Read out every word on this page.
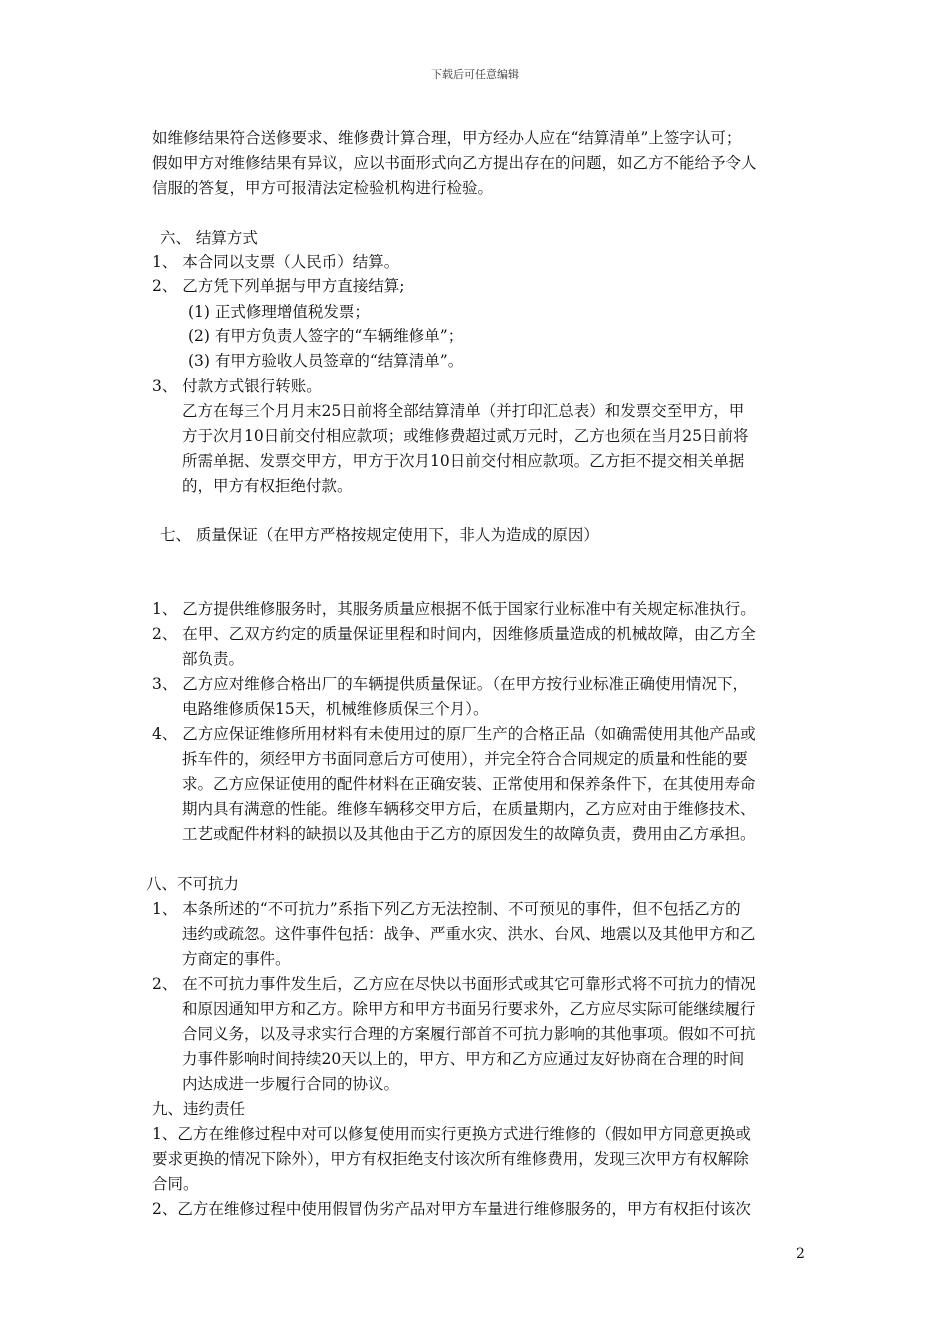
下载后可任意编辑
如维修结果符合送修要求、维修费计算合理，甲方经办人应在“结算清单”上签字认可；
假如甲方对维修结果有异议，应以书面形式向乙方提出存在的问题，如乙方不能给予令人
信服的答复，甲方可报清法定检验机构进行检验。
六、 结算方式
1、 本合同以支票（人民币）结算。
2、 乙方凭下列单据与甲方直接结算;
(1) 正式修理增值税发票；
(2) 有甲方负责人签字的“车辆维修单”；
(3) 有甲方验收人员签章的“结算清单”。
3、 付款方式银行转账。
乙方在每三个月月末25日前将全部结算清单（并打印汇总表）和发票交至甲方，甲
方于次月10日前交付相应款项；或维修费超过贰万元时，乙方也须在当月25日前将
所需单据、发票交甲方，甲方于次月10日前交付相应款项。乙方拒不提交相关单据
的，甲方有权拒绝付款。
七、 质量保证（在甲方严格按规定使用下，非人为造成的原因）
1、 乙方提供维修服务时，其服务质量应根据不低于国家行业标准中有关规定标准执行。
2、 在甲、乙双方约定的质量保证里程和时间内，因维修质量造成的机械故障，由乙方全
部负责。
3、 乙方应对维修合格出厂的车辆提供质量保证。（在甲方按行业标准正确使用情况下，
电路维修质保15天，机械维修质保三个月）。
4、 乙方应保证维修所用材料有未使用过的原厂生产的合格正品（如确需使用其他产品或
拆车件的，须经甲方书面同意后方可使用），并完全符合合同规定的质量和性能的要
求。乙方应保证使用的配件材料在正确安装、正常使用和保养条件下，在其使用寿命
期内具有满意的性能。维修车辆移交甲方后，在质量期内，乙方应对由于维修技术、
工艺或配件材料的缺损以及其他由于乙方的原因发生的故障负责，费用由乙方承担。
八、不可抗力
1、 本条所述的“不可抗力”系指下列乙方无法控制、不可预见的事件，但不包括乙方的
违约或疏忽。这件事件包括：战争、严重水灾、洪水、台风、地震以及其他甲方和乙
方商定的事件。
2、 在不可抗力事件发生后，乙方应在尽快以书面形式或其它可靠形式将不可抗力的情况
和原因通知甲方和乙方。除甲方和甲方书面另行要求外，乙方应尽实际可能继续履行
合同义务，以及寻求实行合理的方案履行部首不可抗力影响的其他事项。假如不可抗
力事件影响时间持续20天以上的，甲方、甲方和乙方应通过友好协商在合理的时间
内达成进一步履行合同的协议。
九、违约责任
1、乙方在维修过程中对可以修复使用而实行更换方式进行维修的（假如甲方同意更换或
要求更换的情况下除外），甲方有权拒绝支付该次所有维修费用，发现三次甲方有权解除
合同。
2、乙方在维修过程中使用假冒伪劣产品对甲方车量进行维修服务的，甲方有权拒付该次
2
